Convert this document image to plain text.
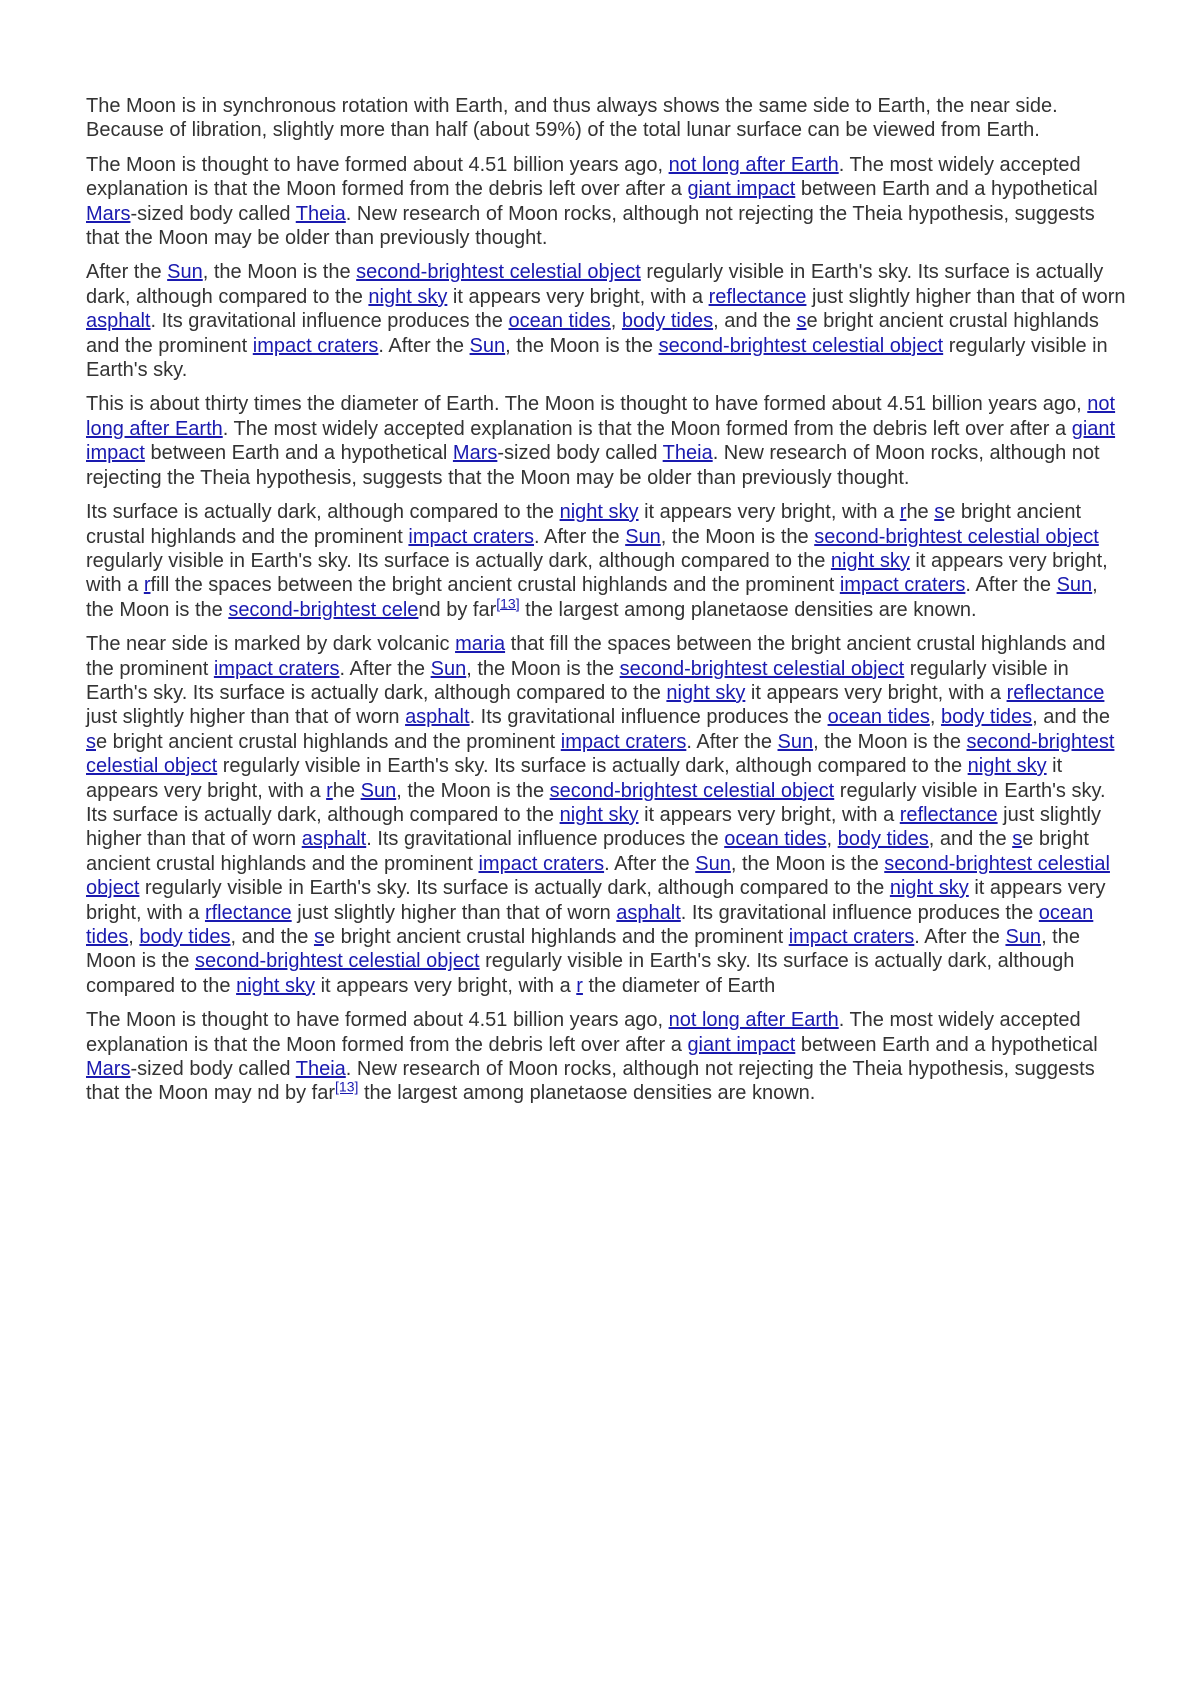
The Moon is in synchronous rotation with Earth, and thus always shows the same side to Earth, the near side. Because of libration, slightly more than half (about 59%) of the total lunar surface can be viewed from Earth.

The Moon is thought to have formed about 4.51 billion years ago, not long after Earth. The most widely accepted explanation is that the Moon formed from the debris left over after a giant impact between Earth and a hypothetical Mars-sized body called Theia. New research of Moon rocks, although not rejecting the Theia hypothesis, suggests that the Moon may be older than previously thought.

After the Sun, the Moon is the second-brightest celestial object regularly visible in Earth's sky. Its surface is actually dark, although compared to the night sky it appears very bright, with a reflectance just slightly higher than that of worn asphalt. Its gravitational influence produces the ocean tides, body tides, and the se bright ancient crustal highlands and the prominent impact craters. After the Sun, the Moon is the second-brightest celestial object regularly visible in Earth's sky.

This is about thirty times the diameter of Earth. The Moon is thought to have formed about 4.51 billion years ago, not long after Earth. The most widely accepted explanation is that the Moon formed from the debris left over after a giant impact between Earth and a hypothetical Mars-sized body called Theia. New research of Moon rocks, although not rejecting the Theia hypothesis, suggests that the Moon may be older than previously thought.

Its surface is actually dark, although compared to the night sky it appears very bright, with a rhe se bright ancient crustal highlands and the prominent impact craters. After the Sun, the Moon is the second-brightest celestial object regularly visible in Earth's sky. Its surface is actually dark, although compared to the night sky it appears very bright, with a rfill the spaces between the bright ancient crustal highlands and the prominent impact craters. After the Sun, the Moon is the second-brightest celend by far[13] the largest among planetaose densities are known.

The near side is marked by dark volcanic maria that fill the spaces between the bright ancient crustal highlands and the prominent impact craters. After the Sun, the Moon is the second-brightest celestial object regularly visible in Earth's sky. Its surface is actually dark, although compared to the night sky it appears very bright, with a reflectance just slightly higher than that of worn asphalt. Its gravitational influence produces the ocean tides, body tides, and the se bright ancient crustal highlands and the prominent impact craters. After the Sun, the Moon is the second-brightest celestial object regularly visible in Earth's sky. Its surface is actually dark, although compared to the night sky it appears very bright, with a rhe Sun, the Moon is the second-brightest celestial object regularly visible in Earth's sky. Its surface is actually dark, although compared to the night sky it appears very bright, with a reflectance just slightly higher than that of worn asphalt. Its gravitational influence produces the ocean tides, body tides, and the se bright ancient crustal highlands and the prominent impact craters. After the Sun, the Moon is the second-brightest celestial object regularly visible in Earth's sky. Its surface is actually dark, although compared to the night sky it appears very bright, with a rflectance just slightly higher than that of worn asphalt. Its gravitational influence produces the ocean tides, body tides, and the se bright ancient crustal highlands and the prominent impact craters. After the Sun, the Moon is the second-brightest celestial object regularly visible in Earth's sky. Its surface is actually dark, although compared to the night sky it appears very bright, with a r the diameter of Earth

The Moon is thought to have formed about 4.51 billion years ago, not long after Earth. The most widely accepted explanation is that the Moon formed from the debris left over after a giant impact between Earth and a hypothetical Mars-sized body called Theia. New research of Moon rocks, although not rejecting the Theia hypothesis, suggests that the Moon may nd by far[13] the largest among planetaose densities are known.
